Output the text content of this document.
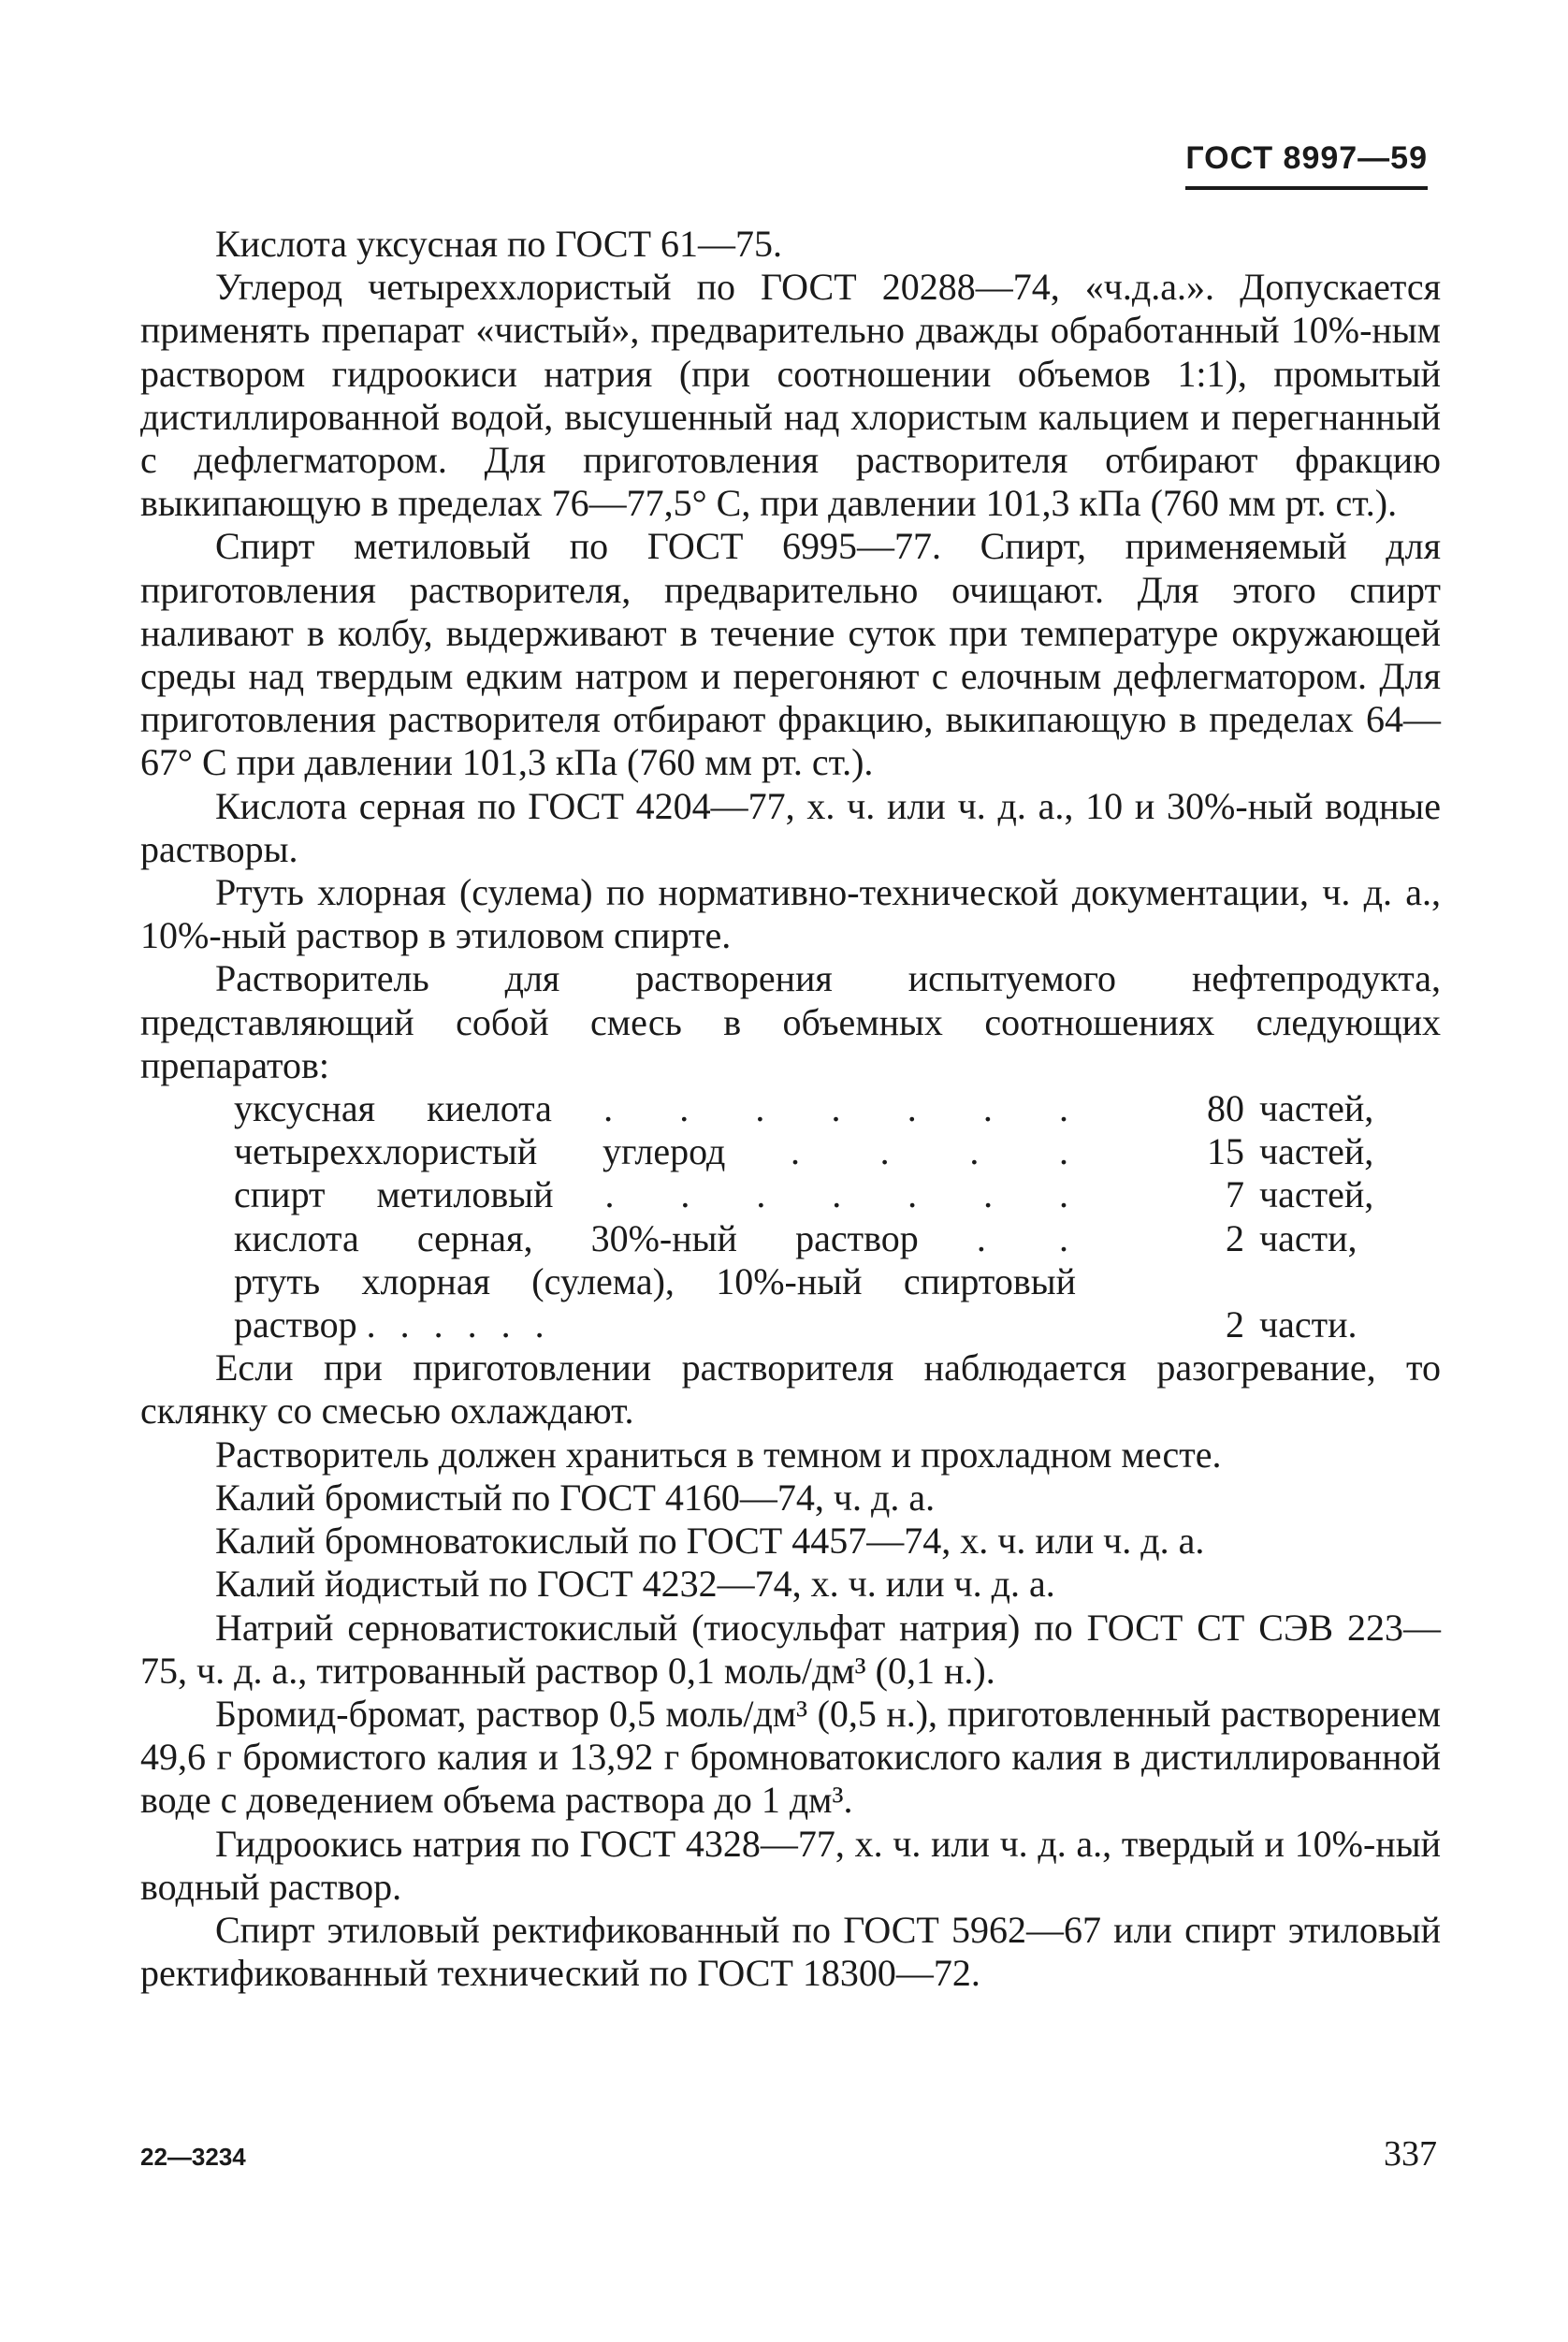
ГОСТ 8997—59

Кислота уксусная по ГОСТ 61—75.

Углерод четыреххлористый по ГОСТ 20288—74, «ч.д.а.». Допускается применять препарат «чистый», предварительно дважды обработанный 10%-ным раствором гидроокиси натрия (при соотношении объемов 1:1), промытый дистиллированной водой, высушенный над хлористым кальцием и перегнанный с дефлегматором. Для приготовления растворителя отбирают фракцию выкипающую в пределах 76—77,5° С, при давлении 101,3 кПа (760 мм рт. ст.).

Спирт метиловый по ГОСТ 6995—77. Спирт, применяемый для приготовления растворителя, предварительно очищают. Для этого спирт наливают в колбу, выдерживают в течение суток при температуре окружающей среды над твердым едким натром и перегоняют с елочным дефлегматором. Для приготовления растворителя отбирают фракцию, выкипающую в пределах 64—67° С при давлении 101,3 кПа (760 мм рт. ст.).

Кислота серная по ГОСТ 4204—77, х. ч. или ч. д. а., 10 и 30%-ный водные растворы.

Ртуть хлорная (сулема) по нормативно-технической документации, ч. д. а., 10%-ный раствор в этиловом спирте.

Растворитель для растворения испытуемого нефтепродукта, представляющий собой смесь в объемных соотношениях следующих препаратов:

уксусная киелота . . . . . . .	80	частей,
четыреххлористый углерод . . . .	15	частей,
спирт метиловый . . . . . . .	7	частей,
кислота серная, 30%-ный раствор . .	2	части,
ртуть хлорная (сулема), 10%-ный спиртовый раствор . . . . . .	2	части.

Если при приготовлении растворителя наблюдается разогревание, то склянку со смесью охлаждают.

Растворитель должен храниться в темном и прохладном месте.

Калий бромистый по ГОСТ 4160—74, ч. д. а.

Калий бромноватокислый по ГОСТ 4457—74, х. ч. или ч. д. а.

Калий йодистый по ГОСТ 4232—74, х. ч. или ч. д. а.

Натрий серноватистокислый (тиосульфат натрия) по ГОСТ СТ СЭВ 223—75, ч. д. а., титрованный раствор 0,1 моль/дм³ (0,1 н.).

Бромид-бромат, раствор 0,5 моль/дм³ (0,5 н.), приготовленный растворением 49,6 г бромистого калия и 13,92 г бромноватокислого калия в дистиллированной воде с доведением объема раствора до 1 дм³.

Гидроокись натрия по ГОСТ 4328—77, х. ч. или ч. д. а., твердый и 10%-ный водный раствор.

Спирт этиловый ректификованный по ГОСТ 5962—67 или спирт этиловый ректификованный технический по ГОСТ 18300—72.

22—3234	337
